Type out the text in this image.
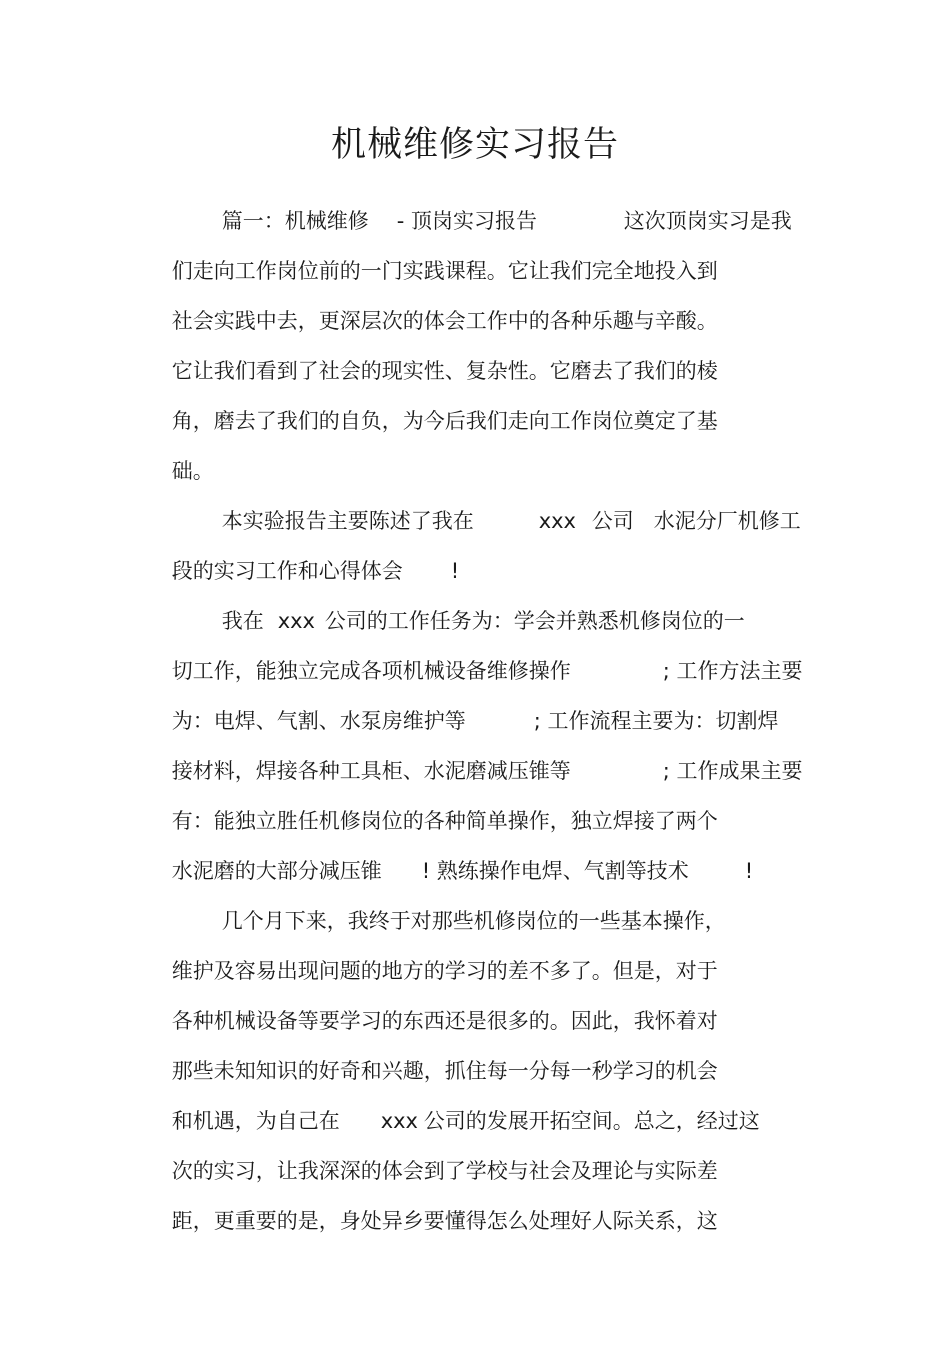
机械维修实习报告

篇一：机械维修
	- 顶岗实习报告
	这次顶岗实习是我

们走向工作岗位前的一门实践课程。它让我们完全地投入到

社会实践中去，更深层次的体会工作中的各种乐趣与辛酸。

它让我们看到了社会的现实性、复杂性。它磨去了我们的棱

角，磨去了我们的自负，为今后我们走向工作岗位奠定了基

础。

本实验报告主要陈述了我在
	xxx
公司
水泥分厂机修工

段的实习工作和心得体会
	!

我在
xxx
公司的工作任务为：学会并熟悉机修岗位的一

切工作，能独立完成各项机械设备维修操作
	; 工作方法主要

为：电焊、气割、水泵房维护等
	; 工作流程主要为：切割焊

接材料，焊接各种工具柜、水泥磨减压锥等
	; 工作成果主要

有：能独立胜任机修岗位的各种简单操作，独立焊接了两个

水泥磨的大部分减压锥
	! 熟练操作电焊、气割等技术
	!

几个月下来，我终于对那些机修岗位的一些基本操作，

维护及容易出现问题的地方的学习的差不多了。但是，对于

各种机械设备等要学习的东西还是很多的。因此，我怀着对

那些未知知识的好奇和兴趣，抓住每一分每一秒学习的机会

和机遇，为自己在
	xxx
公司的发展开拓空间。总之，经过这

次的实习，让我深深的体会到了学校与社会及理论与实际差

距，更重要的是，身处异乡要懂得怎么处理好人际关系，这
